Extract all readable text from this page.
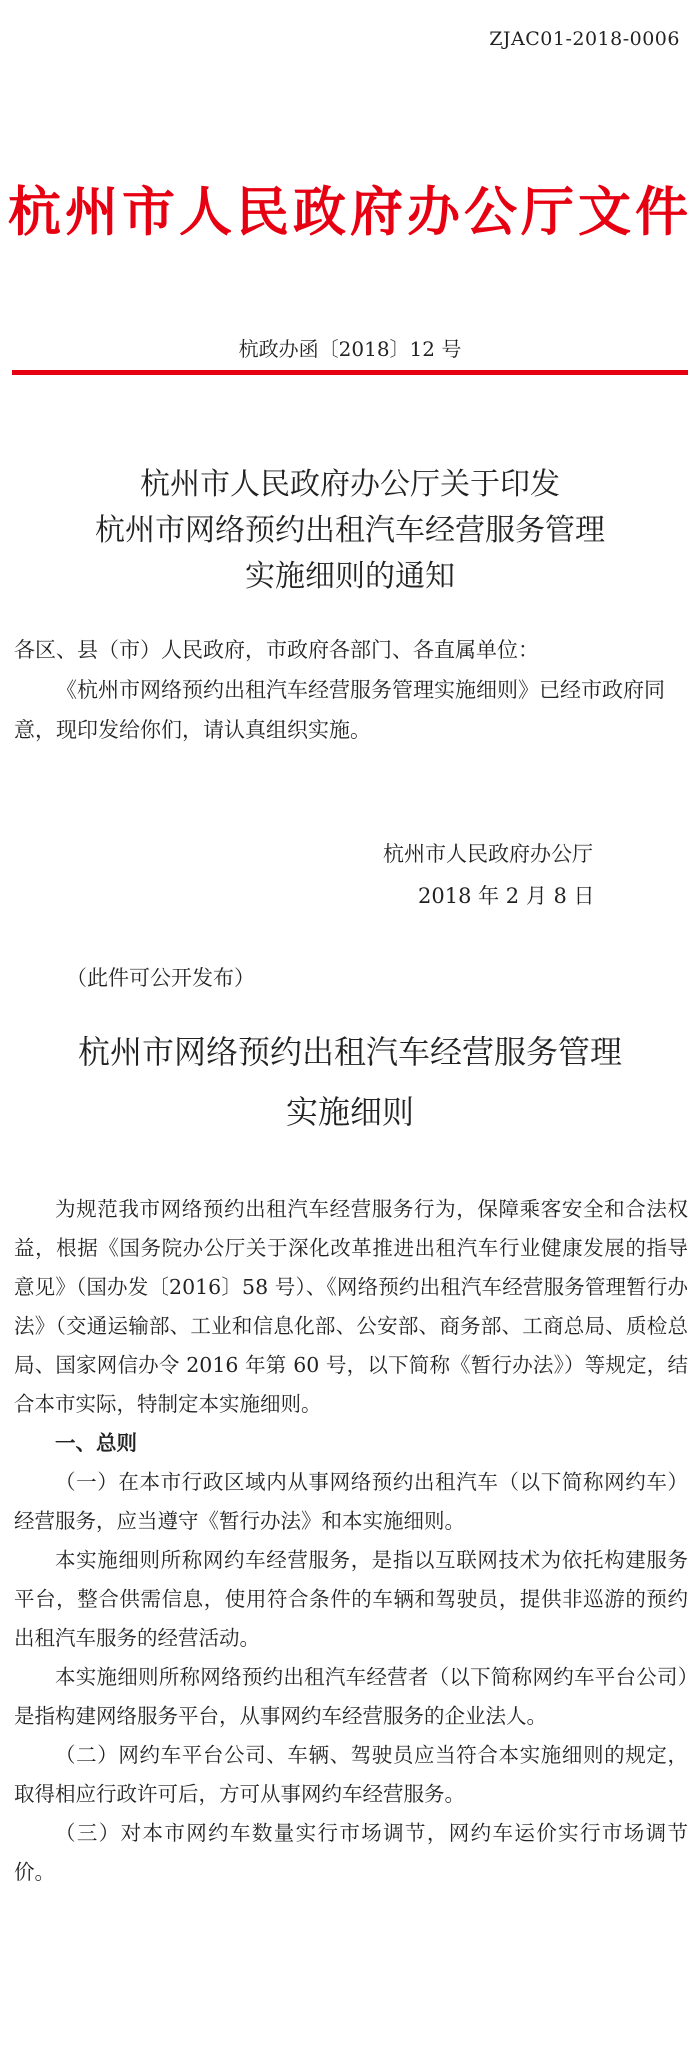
ZJAC01-2018-0006
杭州市人民政府办公厅文件
杭政办函〔2018〕12 号
杭州市人民政府办公厅关于印发
杭州市网络预约出租汽车经营服务管理
实施细则的通知
各区、县（市）人民政府，市政府各部门、各直属单位：
《杭州市网络预约出租汽车经营服务管理实施细则》已经市政府同意，现印发给你们，请认真组织实施。
杭州市人民政府办公厅
2018 年 2 月 8 日
（此件可公开发布）
杭州市网络预约出租汽车经营服务管理
实施细则

为规范我市网络预约出租汽车经营服务行为，保障乘客安全和合法权益，根据《国务院办公厅关于深化改革推进出租汽车行业健康发展的指导意见》（国办发〔2016〕58 号）、《网络预约出租汽车经营服务管理暂行办法》（交通运输部、工业和信息化部、公安部、商务部、工商总局、质检总局、国家网信办令 2016 年第 60 号，以下简称《暂行办法》）等规定，结合本市实际，特制定本实施细则。

一、总则

（一）在本市行政区域内从事网络预约出租汽车（以下简称网约车）经营服务，应当遵守《暂行办法》和本实施细则。

本实施细则所称网约车经营服务，是指以互联网技术为依托构建服务平台，整合供需信息，使用符合条件的车辆和驾驶员，提供非巡游的预约出租汽车服务的经营活动。

本实施细则所称网络预约出租汽车经营者（以下简称网约车平台公司）是指构建网络服务平台，从事网约车经营服务的企业法人。

（二）网约车平台公司、车辆、驾驶员应当符合本实施细则的规定，取得相应行政许可后，方可从事网约车经营服务。

（三）对本市网约车数量实行市场调节，网约车运价实行市场调节价。
